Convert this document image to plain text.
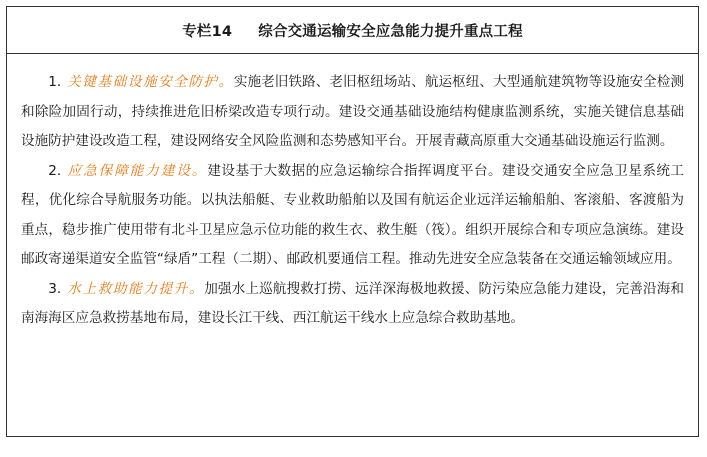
专栏14 综合交通运输安全应急能力提升重点工程

1. 关键基础设施安全防护。实施老旧铁路、老旧枢纽场站、航运枢纽、大型通航建筑物等设施安全检测和除险加固行动，持续推进危旧桥梁改造专项行动。建设交通基础设施结构健康监测系统，实施关键信息基础设施防护建设改造工程，建设网络安全风险监测和态势感知平台。开展青藏高原重大交通基础设施运行监测。

2. 应急保障能力建设。建设基于大数据的应急运输综合指挥调度平台。建设交通安全应急卫星系统工程，优化综合导航服务功能。以执法船艇、专业救助船舶以及国有航运企业远洋运输船舶、客滚船、客渡船为重点，稳步推广使用带有北斗卫星应急示位功能的救生衣、救生艇（筏）。组织开展综合和专项应急演练。建设邮政寄递渠道安全监管“绿盾”工程（二期）、邮政机要通信工程。推动先进安全应急装备在交通运输领域应用。

3. 水上救助能力提升。加强水上巡航搜救打捞、远洋深海极地救援、防污染应急能力建设，完善沿海和南海海区应急救捞基地布局，建设长江干线、西江航运干线水上应急综合救助基地。
